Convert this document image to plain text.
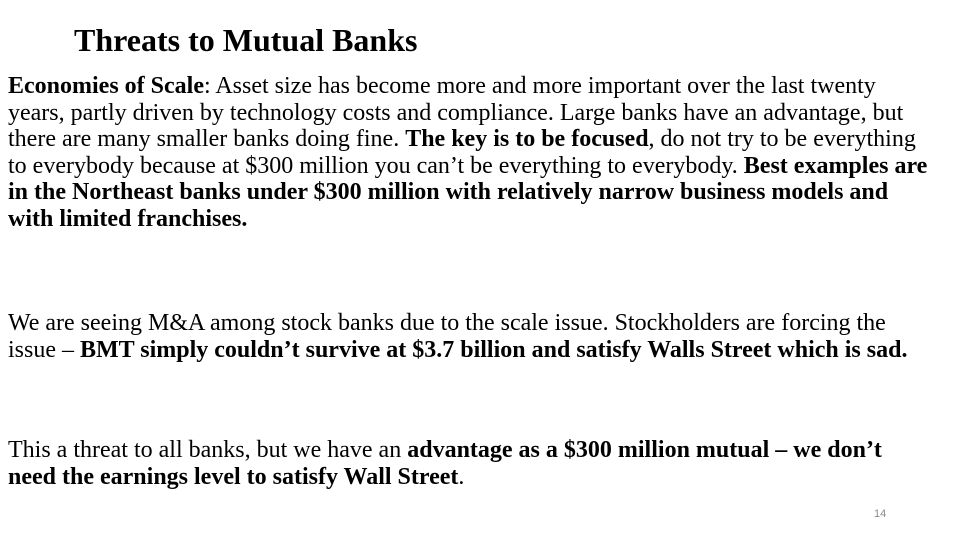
Threats to Mutual Banks

Economies of Scale: Asset size has become more and more important over the last twenty years, partly driven by technology costs and compliance. Large banks have an advantage, but there are many smaller banks doing fine. The key is to be focused, do not try to be everything to everybody because at $300 million you can’t be everything to everybody. Best examples are in the Northeast banks under $300 million with relatively narrow business models and with limited franchises.

We are seeing M&A among stock banks due to the scale issue. Stockholders are forcing the issue – BMT simply couldn’t survive at $3.7 billion and satisfy Walls Street which is sad.

This a threat to all banks, but we have an advantage as a $300 million mutual – we don’t need the earnings level to satisfy Wall Street.

14
